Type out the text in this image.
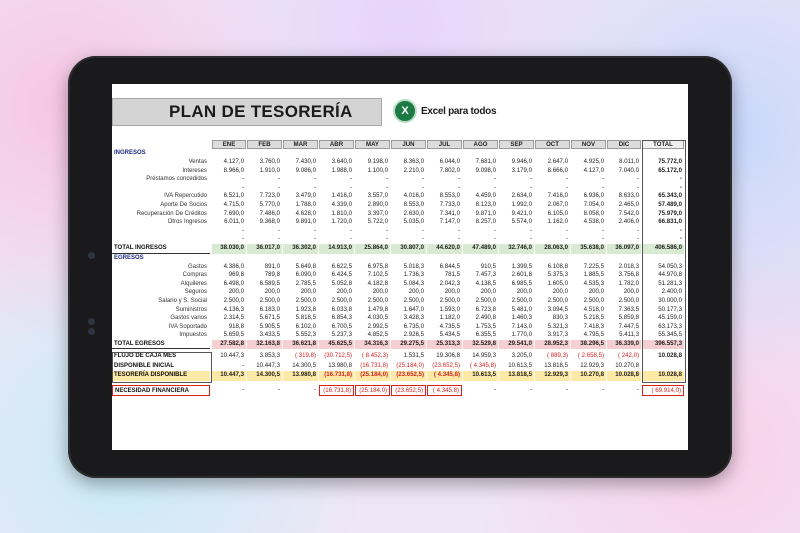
PLAN DE TESORERÍA	X	Excel para todos
ENE	FEB	MAR	ABR	MAY	JUN	JUL	AGO	SEP	OCT	NOV	DIC	TOTAL
INGRESOS
Ventas	4.127,0	3.760,0	7.430,0	3.640,0	9.198,0	8.363,0	6.044,0	7.681,0	9.946,0	2.647,0	4.925,0	8.011,0	75.772,0
Intereses	8.966,0	1.910,0	9.086,0	1.988,0	1.100,0	2.210,0	7.802,0	9.098,0	3.179,0	8.666,0	4.127,0	7.040,0	65.172,0
Préstamos concedidos	-	-	-	-	-	-	-	-	-	-	-	-	-
-	-	-	-	-	-	-	-	-	-	-	-	-
IVA Repercutido	6.521,0	7.723,0	3.479,0	1.416,0	3.557,0	4.016,0	8.553,0	4.459,0	2.634,0	7.416,0	6.936,0	8.633,0	65.343,0
Aporte De Socios	4.715,0	5.770,0	1.788,0	4.339,0	2.890,0	8.553,0	7.733,0	8.123,0	1.992,0	2.067,0	7.054,0	2.465,0	57.489,0
Recuperación De Créditos	7.690,0	7.486,0	4.628,0	1.810,0	3.397,0	2.630,0	7.341,0	9.871,0	9.421,0	6.105,0	8.058,0	7.542,0	75.979,0
Otros Ingresos	6.011,0	9.368,0	9.891,0	1.720,0	5.722,0	5.035,0	7.147,0	8.257,0	5.574,0	1.162,0	4.538,0	2.406,0	66.831,0
-	-	-	-	-	-	-	-	-	-	-	-	-
-	-	-	-	-	-	-	-	-	-	-	-	-
TOTAL INGRESOS	38.030,0	36.017,0	36.302,0	14.913,0	25.864,0	30.807,0	44.620,0	47.489,0	32.746,0	28.063,0	35.638,0	36.097,0	406.586,0
EGRESOS
Gastos	4.386,0	891,0	5.649,8	6.622,5	6.975,8	5.018,3	6.844,5	910,5	1.399,5	6.108,8	7.225,5	2.018,3	54.050,3
Compras	969,8	789,8	6.090,0	6.424,5	7.102,5	1.736,3	781,5	7.457,3	2.601,8	5.375,3	1.885,5	3.756,8	44.970,8
Alquileres	6.498,0	6.589,5	2.785,5	5.052,8	4.182,8	5.084,3	2.042,3	4.138,5	6.985,5	1.605,0	4.535,3	1.782,0	51.281,3
Seguros	200,0	200,0	200,0	200,0	200,0	200,0	200,0	200,0	200,0	200,0	200,0	200,0	2.400,0
Salario y S. Social	2.500,0	2.500,0	2.500,0	2.500,0	2.500,0	2.500,0	2.500,0	2.500,0	2.500,0	2.500,0	2.500,0	2.500,0	30.000,0
Suministros	4.136,3	6.183,0	1.923,8	6.033,8	1.479,8	1.647,0	1.593,0	6.723,8	5.481,0	3.094,5	4.518,0	7.363,5	50.177,3
Gastos varios	2.314,5	5.671,5	5.818,5	6.854,3	4.030,5	3.428,3	1.182,0	2.490,8	1.460,3	830,3	5.218,5	5.859,8	45.159,0
IVA Soportado	918,8	5.905,5	6.102,0	6.700,5	2.992,5	6.735,0	4.735,5	1.753,5	7.143,0	5.321,3	7.418,3	7.447,5	63.173,3
Impuestos	5.659,5	3.433,5	5.552,3	5.237,3	4.852,5	2.926,5	5.434,5	6.355,5	1.770,0	3.917,3	4.795,5	5.411,3	55.345,5
TOTAL EGRESOS	27.582,8	32.163,8	36.621,8	45.625,5	34.316,3	29.275,5	25.313,3	32.529,8	29.541,0	28.952,3	38.296,5	36.339,0	396.557,3
FLUJO DE CAJA MES	10.447,3	3.853,3	( 319,8)	(30.712,5)	( 8.452,3)	1.531,5	19.306,8	14.959,3	3.205,0	( 889,3)	( 2.658,5)	( 242,0)	10.028,8
DISPONIBLE INICIAL	-	10.447,3	14.300,5	13.980,8	(16.731,8)	(25.184,0)	(23.652,5)	( 4.345,8)	10.613,5	13.818,5	12.929,3	10.270,8
TESORERÍA DISPONIBLE	10.447,3	14.300,5	13.980,8	(16.731,8)	(25.184,0)	(23.652,5)	( 4.345,8)	10.613,5	13.818,5	12.929,3	10.270,8	10.028,8	10.028,8
NECESIDAD FINANCIERA	-	-	-	(16.731,8)	(25.184,0)	(23.652,5)	( 4.345,8)	-	-	-	-	-	( 69.914,0)
